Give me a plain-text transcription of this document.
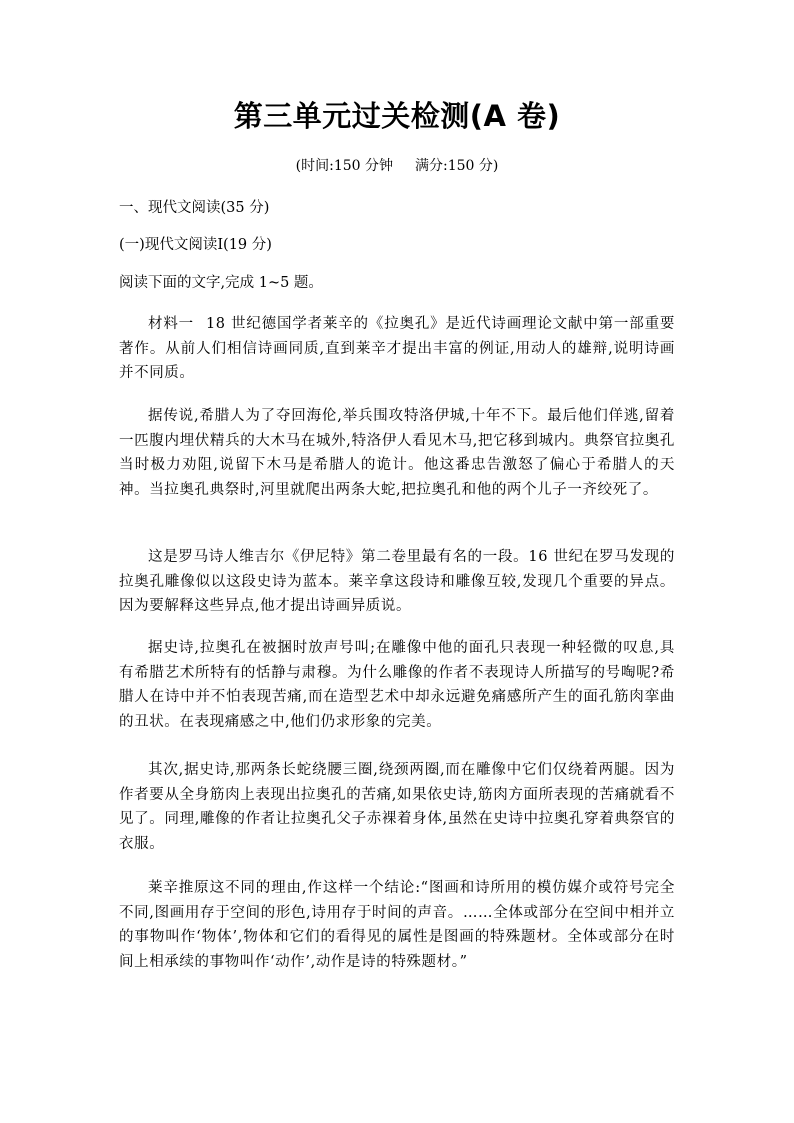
第三单元过关检测(A 卷)
(时间:150 分钟 满分:150 分)
一、现代文阅读(35 分)
(一)现代文阅读Ⅰ(19 分)
阅读下面的文字,完成 1~5 题。

材料一 18 世纪德国学者莱辛的《拉奥孔》是近代诗画理论文献中第一部重要著作。从前人们相信诗画同质,直到莱辛才提出丰富的例证,用动人的雄辩,说明诗画并不同质。

据传说,希腊人为了夺回海伦,举兵围攻特洛伊城,十年不下。最后他们佯逃,留着一匹腹内埋伏精兵的大木马在城外,特洛伊人看见木马,把它移到城内。典祭官拉奥孔当时极力劝阻,说留下木马是希腊人的诡计。他这番忠告激怒了偏心于希腊人的天神。当拉奥孔典祭时,河里就爬出两条大蛇,把拉奥孔和他的两个儿子一齐绞死了。

这是罗马诗人维吉尔《伊尼特》第二卷里最有名的一段。16 世纪在罗马发现的拉奥孔雕像似以这段史诗为蓝本。莱辛拿这段诗和雕像互较,发现几个重要的异点。因为要解释这些异点,他才提出诗画异质说。

据史诗,拉奥孔在被捆时放声号叫;在雕像中他的面孔只表现一种轻微的叹息,具有希腊艺术所特有的恬静与肃穆。为什么雕像的作者不表现诗人所描写的号啕呢?希腊人在诗中并不怕表现苦痛,而在造型艺术中却永远避免痛感所产生的面孔筋肉挛曲的丑状。在表现痛感之中,他们仍求形象的完美。

其次,据史诗,那两条长蛇绕腰三圈,绕颈两圈,而在雕像中它们仅绕着两腿。因为作者要从全身筋肉上表现出拉奥孔的苦痛,如果依史诗,筋肉方面所表现的苦痛就看不见了。同理,雕像的作者让拉奥孔父子赤裸着身体,虽然在史诗中拉奥孔穿着典祭官的衣服。

莱辛推原这不同的理由,作这样一个结论:“图画和诗所用的模仿媒介或符号完全不同,图画用存于空间的形色,诗用存于时间的声音。……全体或部分在空间中相并立的事物叫作‘物体’,物体和它们的看得见的属性是图画的特殊题材。全体或部分在时间上相承续的事物叫作‘动作’,动作是诗的特殊题材。”
